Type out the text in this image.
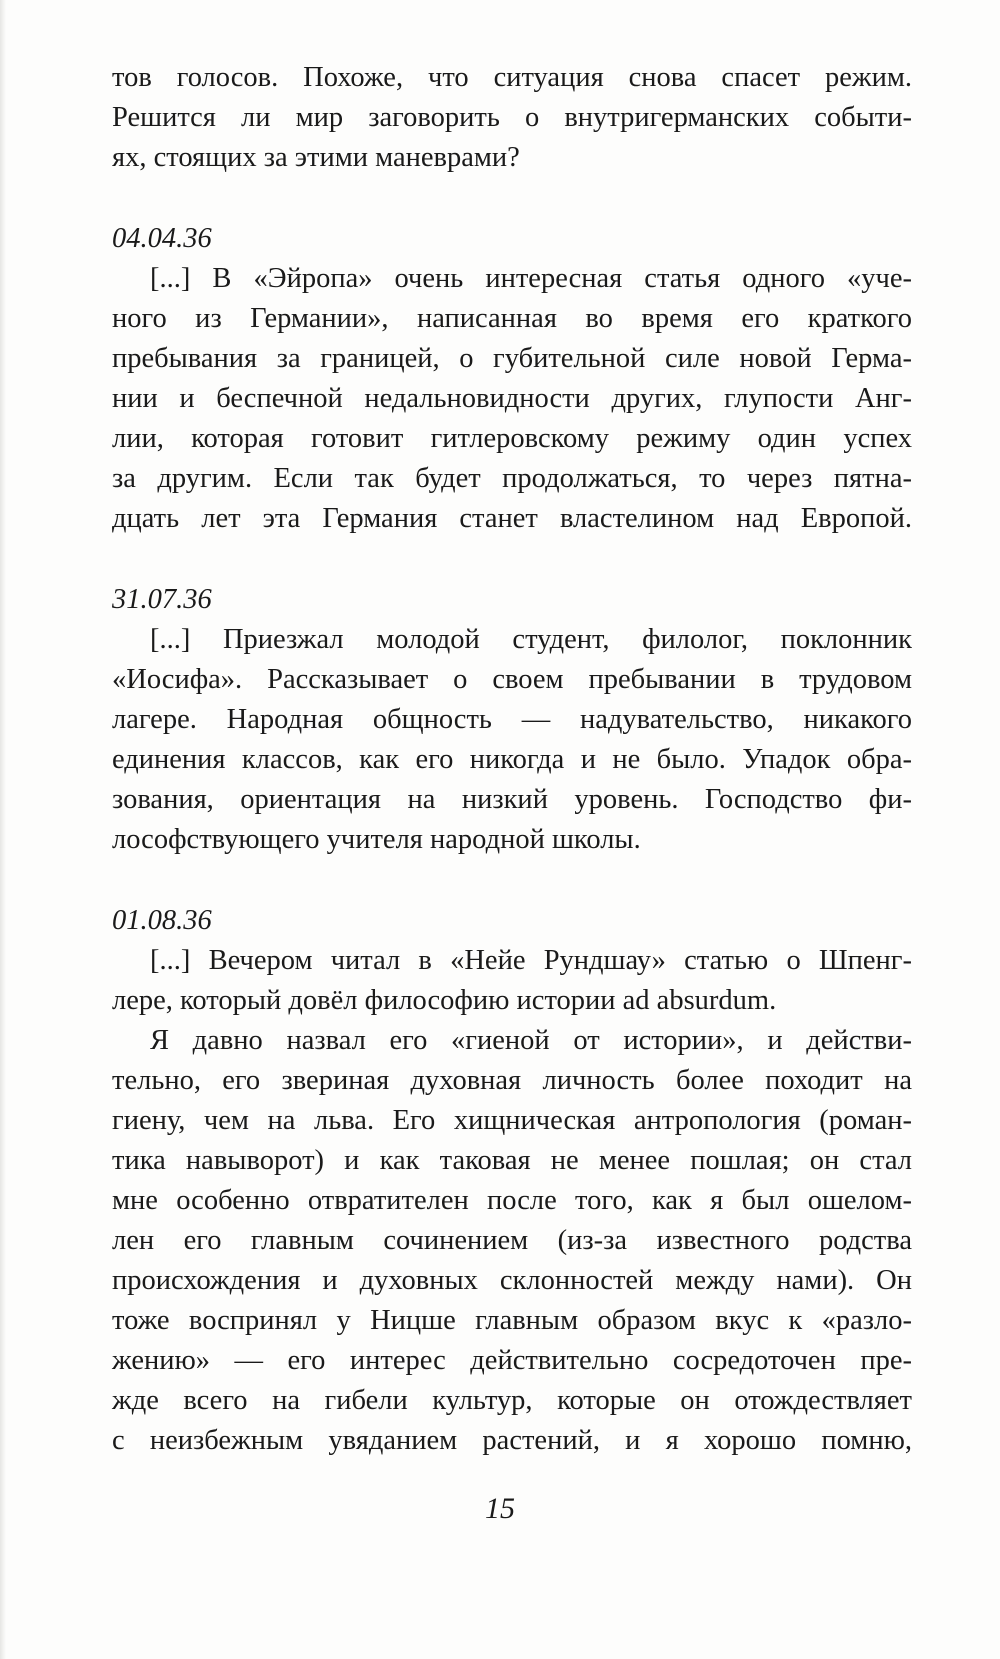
тов голосов. Похоже, что ситуация снова спасет режим.
Решится ли мир заговорить о внутригерманских событи-
ях, стоящих за этими маневрами?
04.04.36
[...] В «Эйропа» очень интересная статья одного «уче-
ного из Германии», написанная во время его краткого
пребывания за границей, о губительной силе новой Герма-
нии и беспечной недальновидности других, глупости Анг-
лии, которая готовит гитлеровскому режиму один успех
за другим. Если так будет продолжаться, то через пятна-
дцать лет эта Германия станет властелином над Европой.
31.07.36
[...] Приезжал молодой студент, филолог, поклонник
«Иосифа». Рассказывает о своем пребывании в трудовом
лагере. Народная общность — надувательство, никакого
единения классов, как его никогда и не было. Упадок обра-
зования, ориентация на низкий уровень. Господство фи-
лософствующего учителя народной школы.
01.08.36
[...] Вечером читал в «Нейе Рундшау» статью о Шпенг-
лере, который довёл философию истории ad absurdum.
Я давно назвал его «гиеной от истории», и действи-
тельно, его звериная духовная личность более походит на
гиену, чем на льва. Его хищническая антропология (роман-
тика навыворот) и как таковая не менее пошлая; он стал
мне особенно отвратителен после того, как я был ошелом-
лен его главным сочинением (из-за известного родства
происхождения и духовных склонностей между нами). Он
тоже воспринял у Ницше главным образом вкус к «разло-
жению» — его интерес действительно сосредоточен пре-
жде всего на гибели культур, которые он отождествляет
с неизбежным увяданием растений, и я хорошо помню,
15
